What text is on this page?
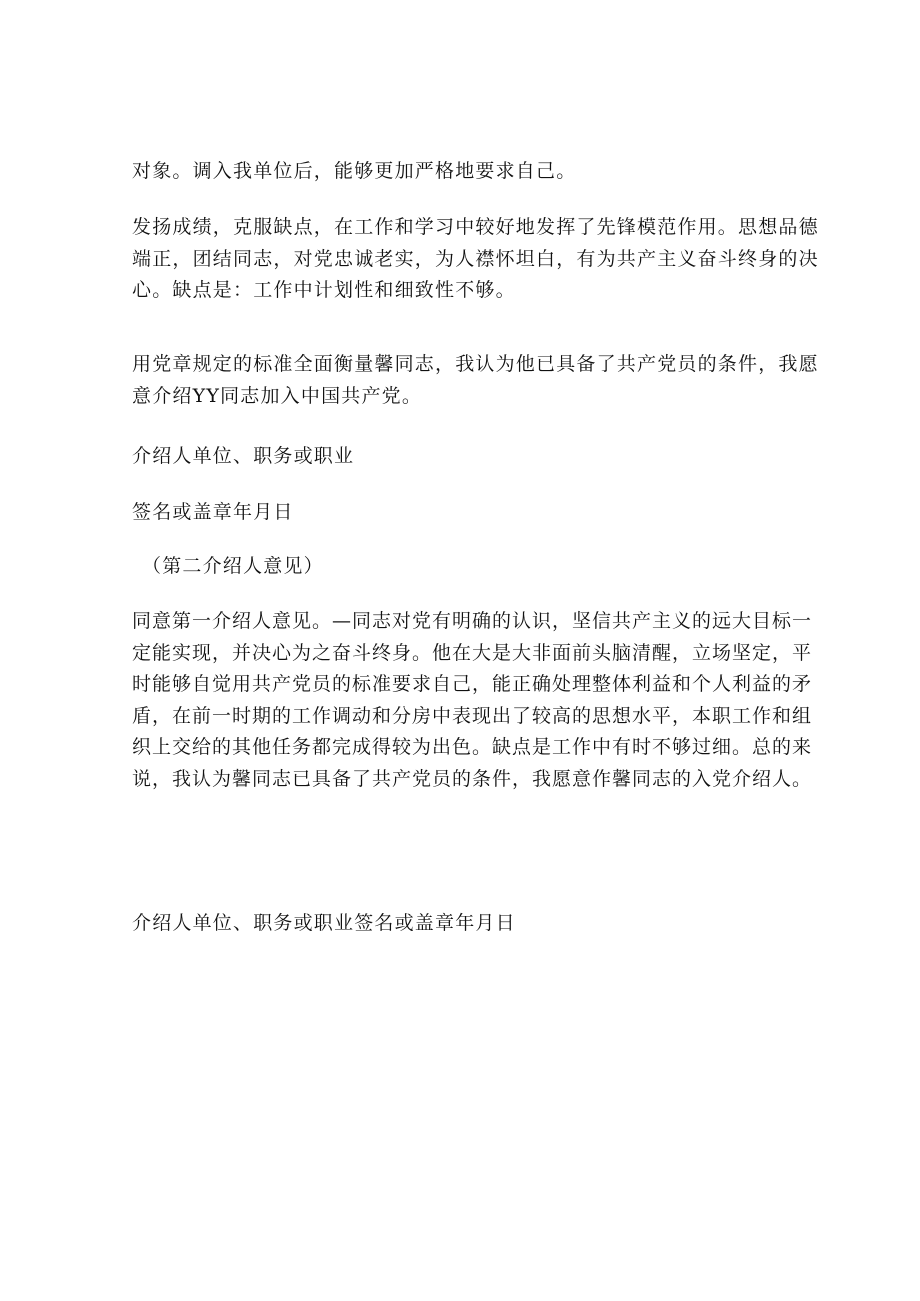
对象。调入我单位后，能够更加严格地要求自己。

发扬成绩，克服缺点，在工作和学习中较好地发挥了先锋模范作用。思想品德端正，团结同志，对党忠诚老实，为人襟怀坦白，有为共产主义奋斗终身的决心。缺点是：工作中计划性和细致性不够。

用党章规定的标准全面衡量馨同志，我认为他已具备了共产党员的条件，我愿意介绍YY同志加入中国共产党。

介绍人单位、职务或职业

签名或盖章年月日

（第二介绍人意见）

同意第一介绍人意见。—同志对党有明确的认识，坚信共产主义的远大目标一定能实现，并决心为之奋斗终身。他在大是大非面前头脑清醒，立场坚定，平时能够自觉用共产党员的标准要求自己，能正确处理整体利益和个人利益的矛盾，在前一时期的工作调动和分房中表现出了较高的思想水平，本职工作和组织上交给的其他任务都完成得较为出色。缺点是工作中有时不够过细。总的来说，我认为馨同志已具备了共产党员的条件，我愿意作馨同志的入党介绍人。

介绍人单位、职务或职业签名或盖章年月日
